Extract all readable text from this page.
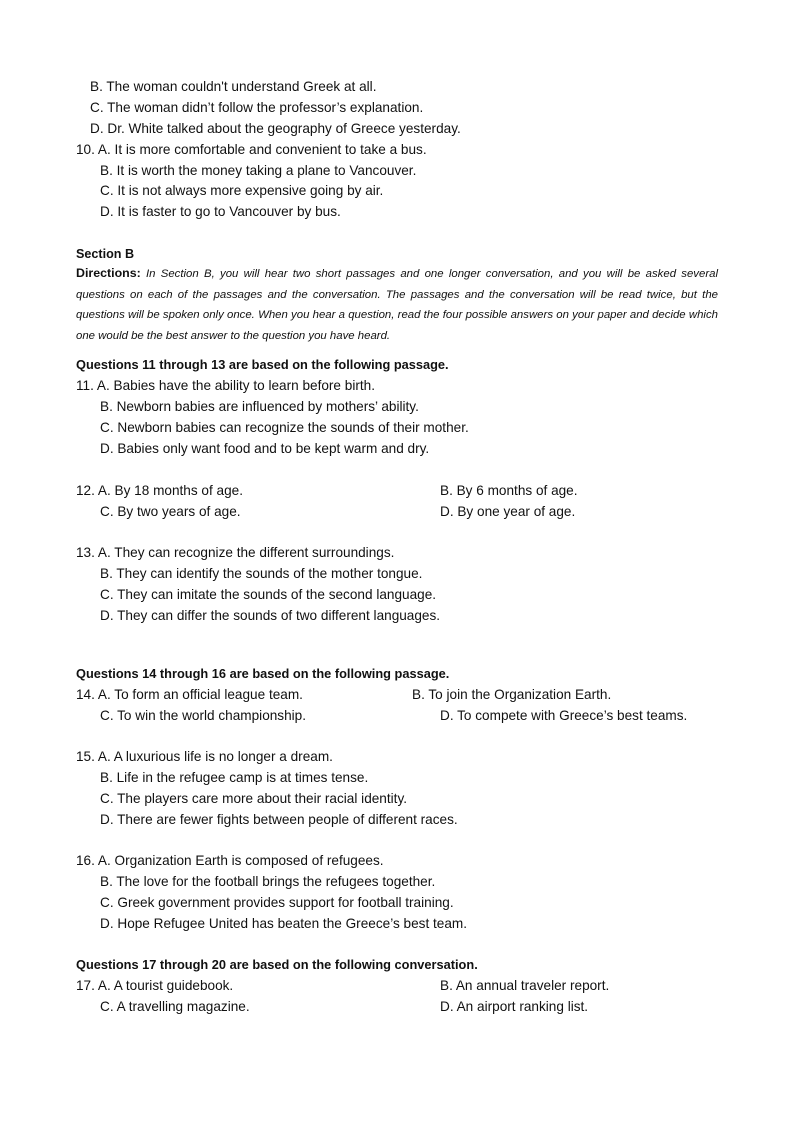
B. The woman couldn't understand Greek at all.
C. The woman didn’t follow the professor’s explanation.
D. Dr. White talked about the geography of Greece yesterday.
10. A. It is more comfortable and convenient to take a bus.
B. It is worth the money taking a plane to Vancouver.
C. It is not always more expensive going by air.
D. It is faster to go to Vancouver by bus.
Section B
Directions: In Section B, you will hear two short passages and one longer conversation, and you will be asked several questions on each of the passages and the conversation. The passages and the conversation will be read twice, but the questions will be spoken only once. When you hear a question, read the four possible answers on your paper and decide which one would be the best answer to the question you have heard.
Questions 11 through 13 are based on the following passage.
11. A. Babies have the ability to learn before birth.
B. Newborn babies are influenced by mothers’ ability.
C. Newborn babies can recognize the sounds of their mother.
D. Babies only want food and to be kept warm and dry.
12. A. By 18 months of age.	B. By 6 months of age.
C. By two years of age.	D. By one year of age.
13. A. They can recognize the different surroundings.
B. They can identify the sounds of the mother tongue.
C. They can imitate the sounds of the second language.
D. They can differ the sounds of two different languages.
Questions 14 through 16 are based on the following passage.
14. A. To form an official league team.	B. To join the Organization Earth.
C. To win the world championship.	D. To compete with Greece’s best teams.
15. A. A luxurious life is no longer a dream.
B. Life in the refugee camp is at times tense.
C. The players care more about their racial identity.
D. There are fewer fights between people of different races.
16. A. Organization Earth is composed of refugees.
B. The love for the football brings the refugees together.
C. Greek government provides support for football training.
D. Hope Refugee United has beaten the Greece’s best team.
Questions 17 through 20 are based on the following conversation.
17. A. A tourist guidebook.	B. An annual traveler report.
C. A travelling magazine.	D. An airport ranking list.
